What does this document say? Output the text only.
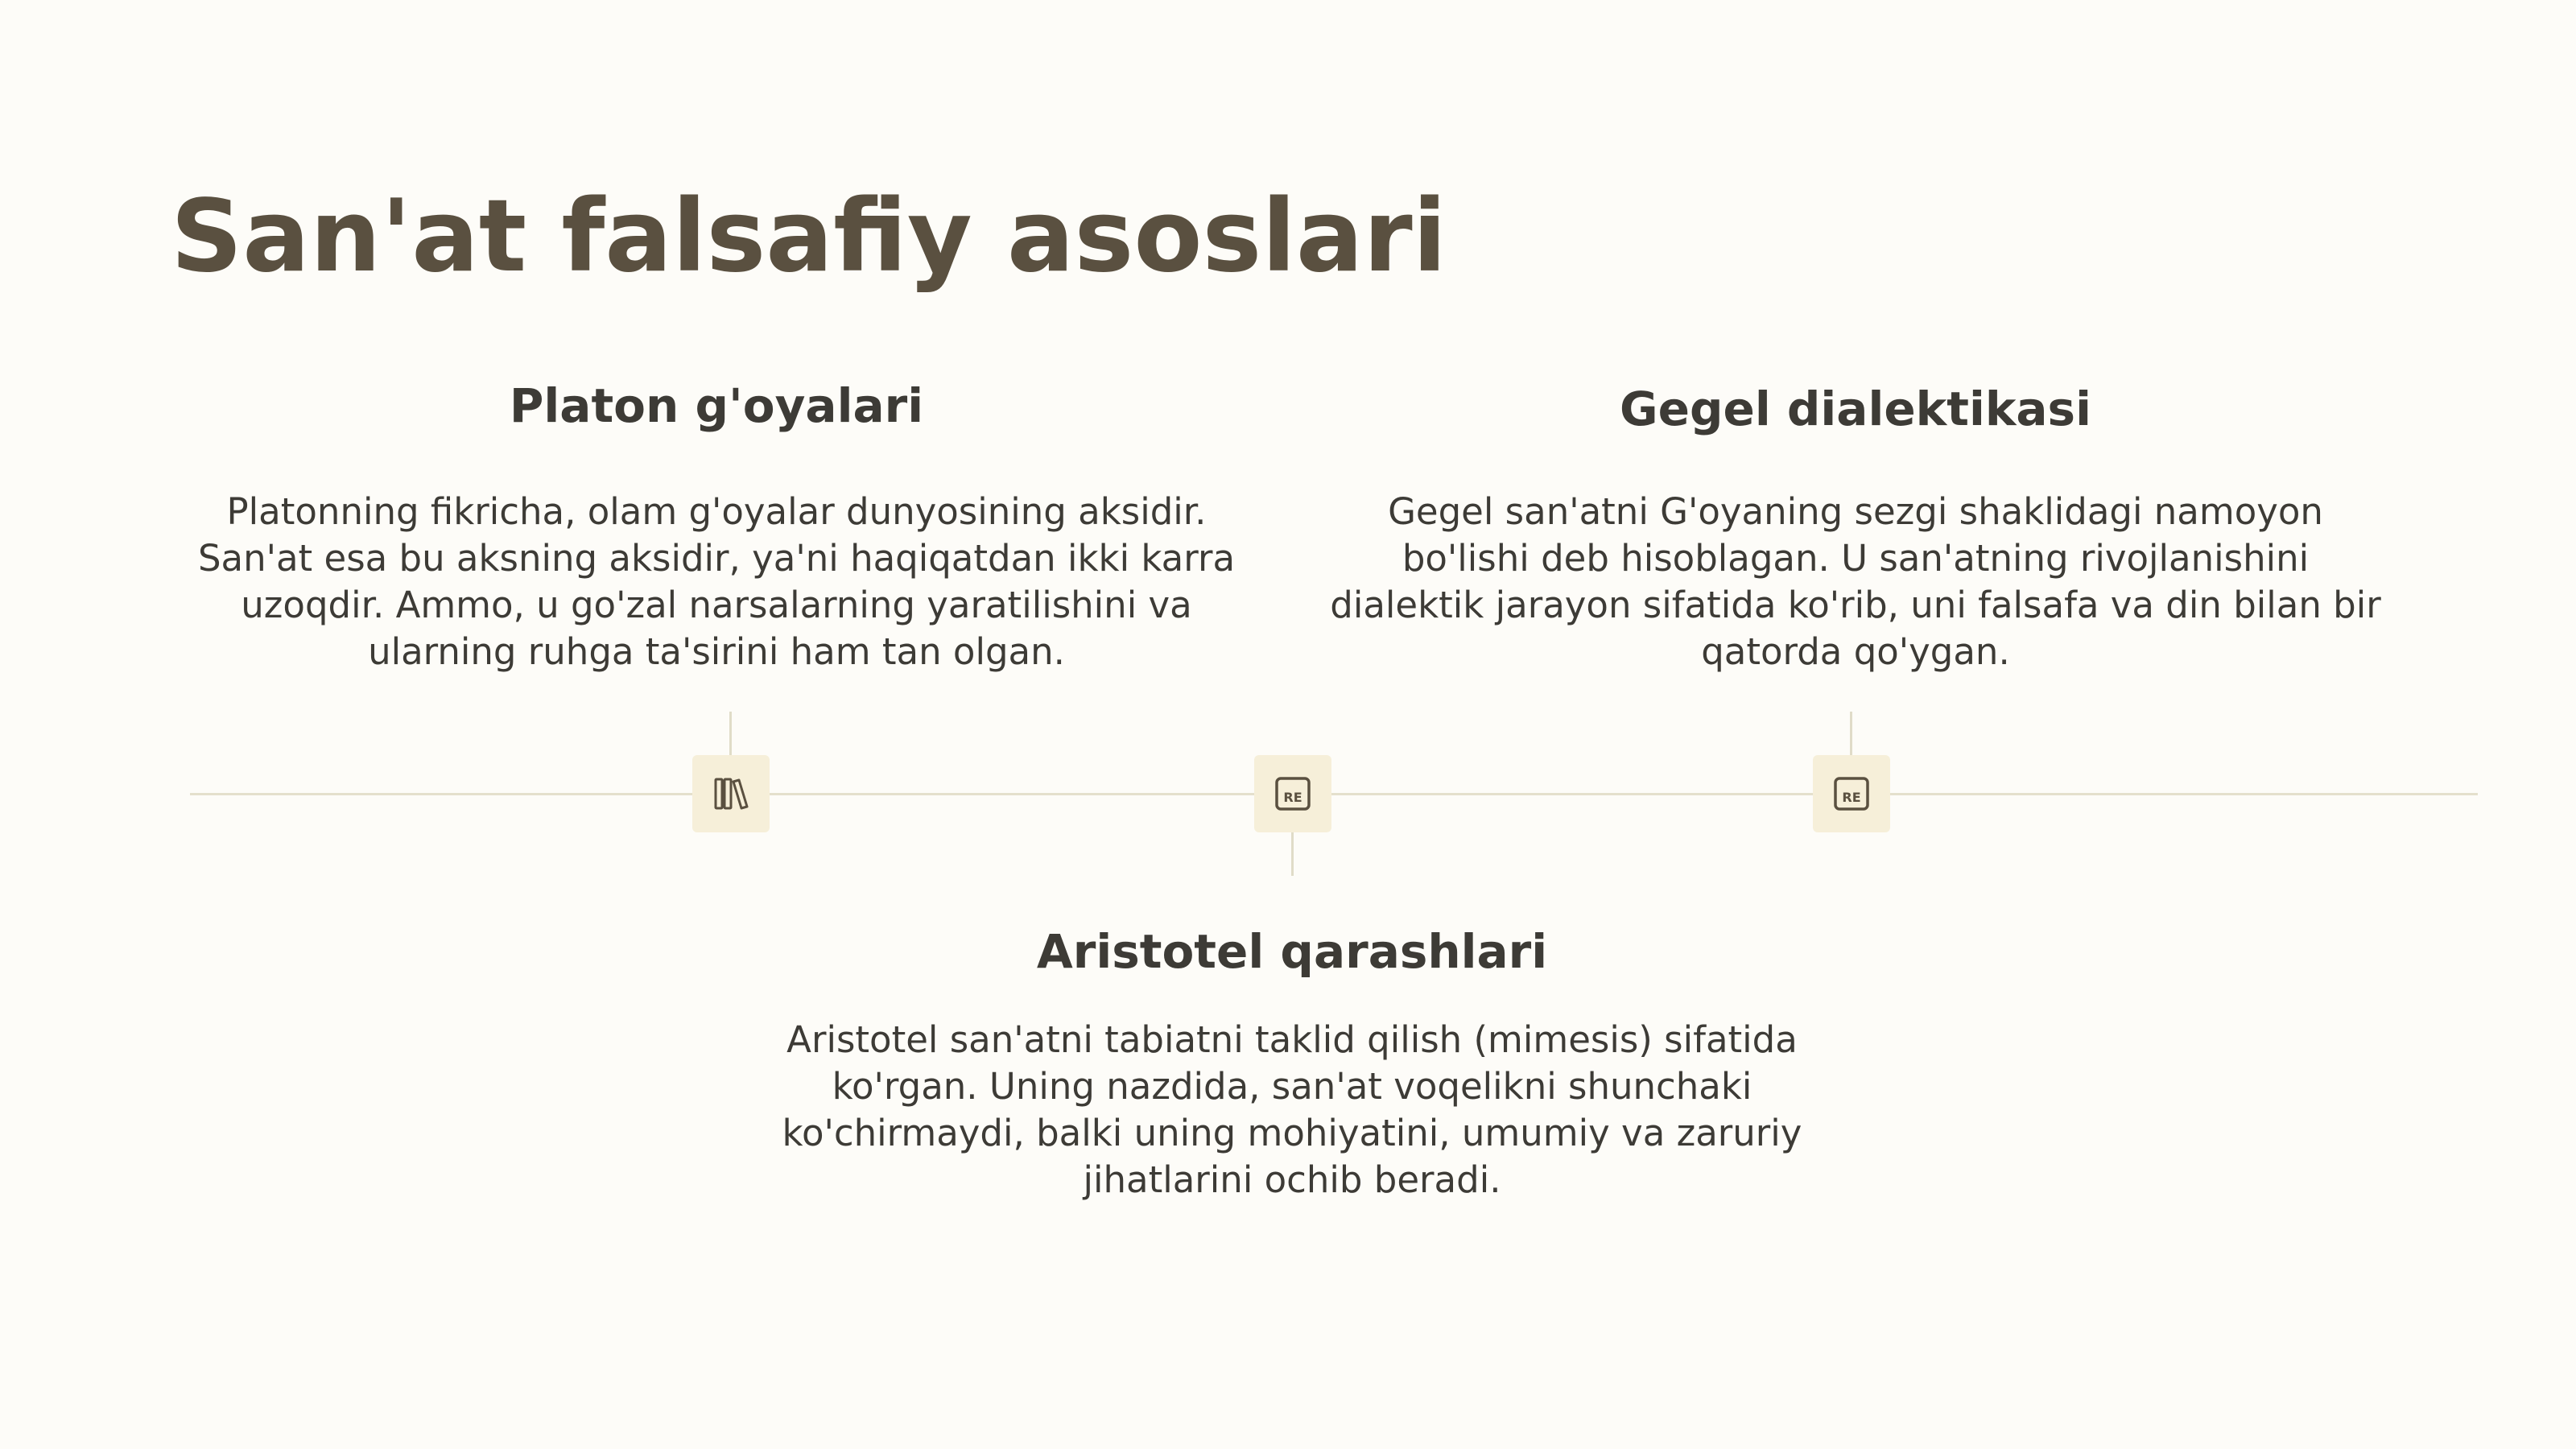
San'at falsafiy asoslari
Platon g'oyalari

Platonning fikricha, olam g'oyalar dunyosining aksidir. San'at esa bu aksning aksidir, ya'ni haqiqatdan ikki karra uzoqdir. Ammo, u go'zal narsalarning yaratilishini va ularning ruhga ta'sirini ham tan olgan.

Gegel dialektikasi

Gegel san'atni G'oyaning sezgi shaklidagi namoyon bo'lishi deb hisoblagan. U san'atning rivojlanishini dialektik jarayon sifatida ko'rib, uni falsafa va din bilan bir qatorda qo'ygan.

Aristotel qarashlari

Aristotel san'atni tabiatni taklid qilish (mimesis) sifatida ko'rgan. Uning nazdida, san'at voqelikni shunchaki ko'chirmaydi, balki uning mohiyatini, umumiy va zaruriy jihatlarini ochib beradi.

RE	RE
